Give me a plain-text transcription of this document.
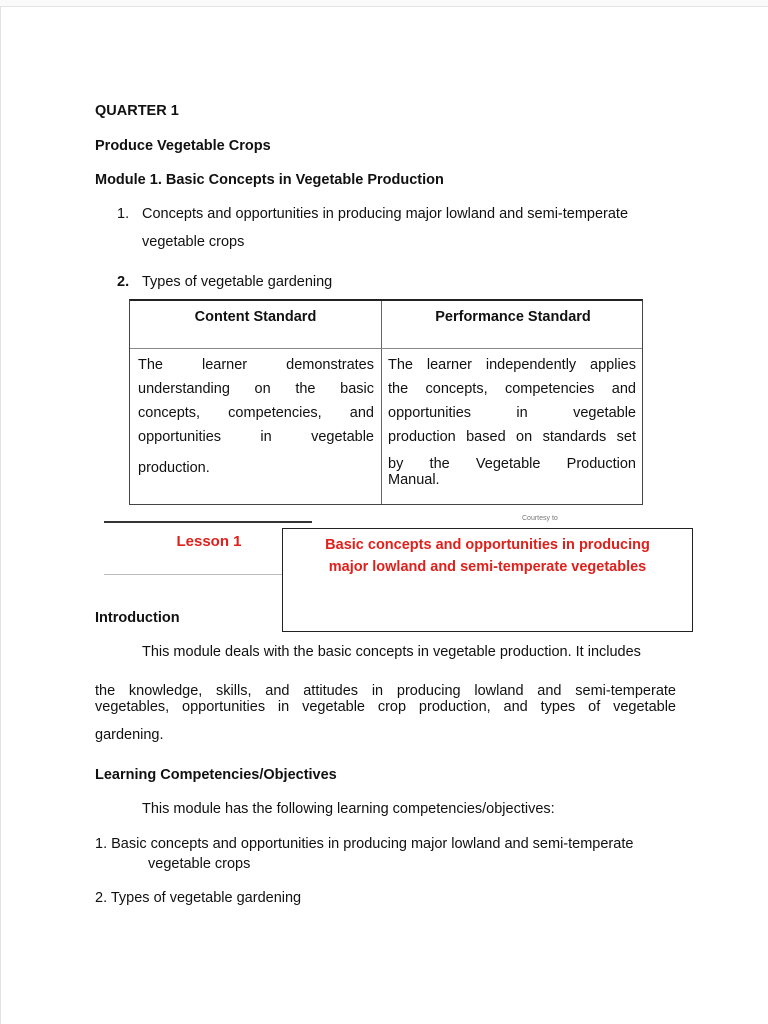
QUARTER 1
Produce Vegetable Crops
Module 1. Basic Concepts in Vegetable Production
1. Concepts and opportunities in producing major lowland and semi-temperate
vegetable crops
2. Types of vegetable gardening
Content Standard	Performance Standard
The learner demonstrates
understanding on the basic
concepts, competencies, and
opportunities in vegetable
production.
The learner independently applies
the concepts, competencies and
opportunities in vegetable
production based on standards set
by the Vegetable Production
Manual.
Courtesy to
Lesson 1	Basic concepts and opportunities in producing
major lowland and semi-temperate vegetables
Introduction
This module deals with the basic concepts in vegetable production. It includes
the knowledge, skills, and attitudes in producing lowland and semi-temperate
vegetables, opportunities in vegetable crop production, and types of vegetable
gardening.
Learning Competencies/Objectives
This module has the following learning competencies/objectives:
1. Basic concepts and opportunities in producing major lowland and semi-temperate
vegetable crops
2. Types of vegetable gardening
